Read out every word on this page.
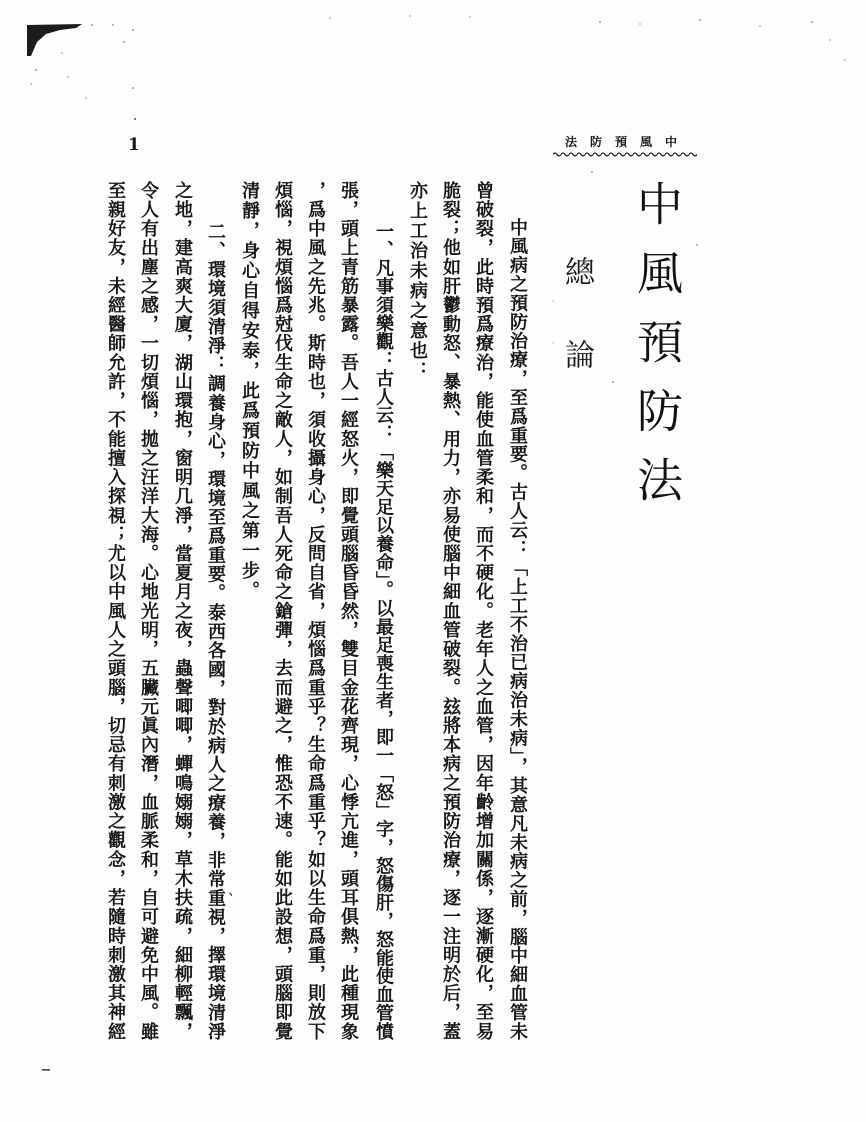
中風預防法
1
中風預防法
總論
中風病之預防治療，至爲重要。古人云：「上工不治已病治未病」，其意凡未病之前，腦中細血管未
曾破裂，此時預爲療治，能使血管柔和，而不硬化。老年人之血管，因年齡增加關係，逐漸硬化，至易
脆裂；他如肝鬱動怒、暴熱、用力，亦易使腦中細血管破裂。玆將本病之預防治療，逐一注明於后，蓋
亦上工治未病之意也：
一、凡事須樂觀：古人云：「樂天足以養命」。以最足喪生者，即一「怒」字，怒傷肝，怒能使血管憤
張，頭上青筋暴露。吾人一經怒火，即覺頭腦昏昏然，雙目金花齊現，心悸亢進，頭耳俱熱，此種現象
，爲中風之先兆。斯時也，須收攝身心，反問自省，煩惱爲重乎？生命爲重乎？如以生命爲重，則放下
煩惱，視煩惱爲尅伐生命之敵人，如制吾人死命之鎗彈，去而避之，惟恐不速。能如此設想，頭腦即覺
清靜，身心自得安泰，此爲預防中風之第一步。
二、環境須清淨：調養身心，環境至爲重要。泰西各國，對於病人之療養，非常重視，擇環境清淨
之地，建高爽大廈，湖山環抱，窗明几淨，當夏月之夜，蟲聲唧唧，蟬鳴嫋嫋，草木扶疏，細柳輕飄，
令人有出塵之感，一切煩惱，拋之汪洋大海。心地光明，五臟元眞內潛，血脈柔和，自可避免中風。雖
至親好友，未經醫師允許，不能擅入探視；尤以中風人之頭腦，切忌有刺激之觀念，若隨時刺激其神經	、
